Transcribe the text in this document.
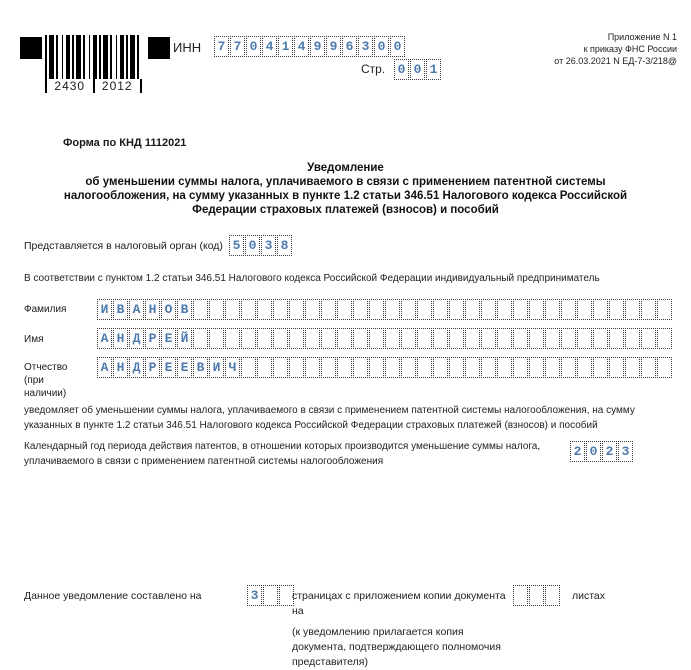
2430	2012
ИНН 7 7 0 4 1 4 9 9 6 3 0 0
Стр. 0 0 1
Приложение N 1
к приказу ФНС России
от 26.03.2021 N ЕД-7-3/218@
Форма по КНД 1112021
Уведомление
об уменьшении суммы налога, уплачиваемого в связи с применением патентной системы
налогообложения, на сумму указанных в пункте 1.2 статьи 346.51 Налогового кодекса Российской
Федерации страховых платежей (взносов) и пособий
Представляется в налоговый орган (код) 5 0 3 8
В соответствии с пунктом 1.2 статьи 346.51 Налогового кодекса Российской Федерации индивидуальный предприниматель
Фамилия	И В А Н О В
Имя	А Н Д Р Е Й
Отчество (при наличии)
А Н Д Р Е Е В И Ч
уведомляет об уменьшении суммы налога, уплачиваемого в связи с применением патентной системы налогообложения, на сумму указанных в пункте 1.2 статьи 346.51 Налогового кодекса Российской Федерации страховых платежей (взносов) и пособий
Календарный год периода действия патентов, в отношении которых производится уменьшение суммы налога, уплачиваемого в связи с применением патентной системы налогообложения
2 0 2 3
Данное уведомление составлено на	3	страницах с приложением копии документа
на
листах
(к уведомлению прилагается копия
документа, подтверждающего полномочия
представителя)
